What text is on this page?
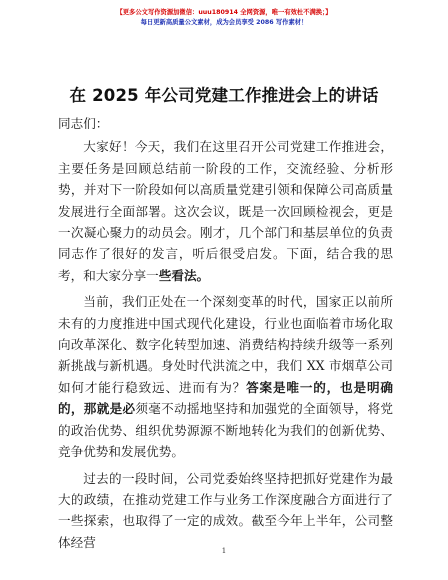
【更多公文写作资源加微信：uuu180914 全网资源，唯一有效杜不满换；】
每日更新高质量公文素材，成为会员享受 2086 写作素材！
在 2025 年公司党建工作推进会上的讲话

同志们：

大家好！今天，我们在这里召开公司党建工作推进会，主要任务是回顾总结前一阶段的工作，交流经验、分析形势，并对下一阶段如何以高质量党建引领和保障公司高质量发展进行全面部署。这次会议，既是一次回顾检视会，更是一次凝心聚力的动员会。刚才，几个部门和基层单位的负责同志作了很好的发言，听后很受启发。下面，结合我的思考，和大家分享一些看法。

当前，我们正处在一个深刻变革的时代，国家正以前所未有的力度推进中国式现代化建设，行业也面临着市场化取向改革深化、数字化转型加速、消费结构持续升级等一系列新挑战与新机遇。身处时代洪流之中，我们 XX 市烟草公司如何才能行稳致远、进而有为？答案是唯一的，也是明确的，那就是必须毫不动摇地坚持和加强党的全面领导，将党的政治优势、组织优势源源不断地转化为我们的创新优势、竞争优势和发展优势。

过去的一段时间，公司党委始终坚持把抓好党建作为最大的政绩，在推动党建工作与业务工作深度融合方面进行了一些探索，也取得了一定的成效。截至今年上半年，公司整体经营

1
